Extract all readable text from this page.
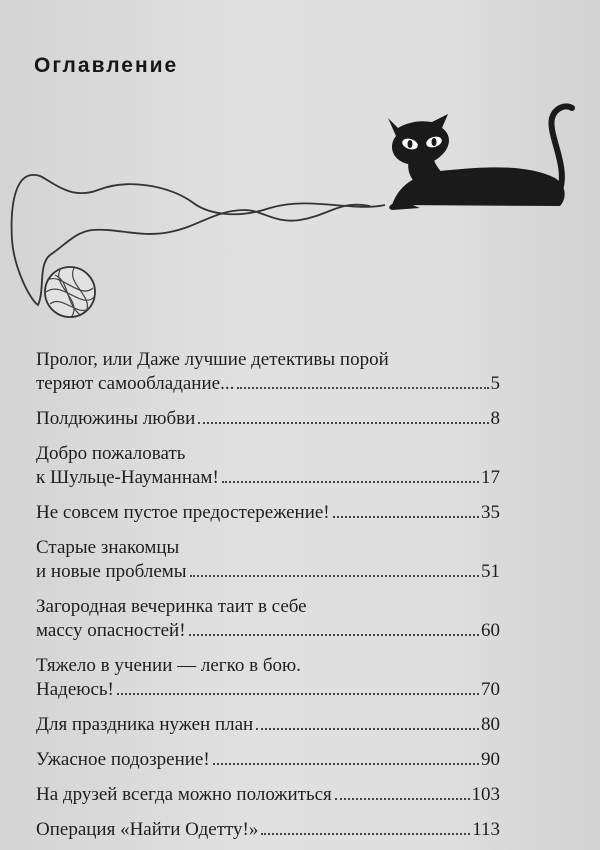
Оглавление
Пролог, или Даже лучшие детективы порой
теряют самообладание...	5
Полдюжины любви	8
Добро пожаловать
к Шульце-Науманнам!	17
Не совсем пустое предостережение!	35
Старые знакомцы
и новые проблемы	51
Загородная вечеринка таит в себе
массу опасностей!	60
Тяжело в учении — легко в бою.
Надеюсь!	70
Для праздника нужен план	80
Ужасное подозрение!	90
На друзей всегда можно положиться	103
Операция «Найти Одетту!»	113
